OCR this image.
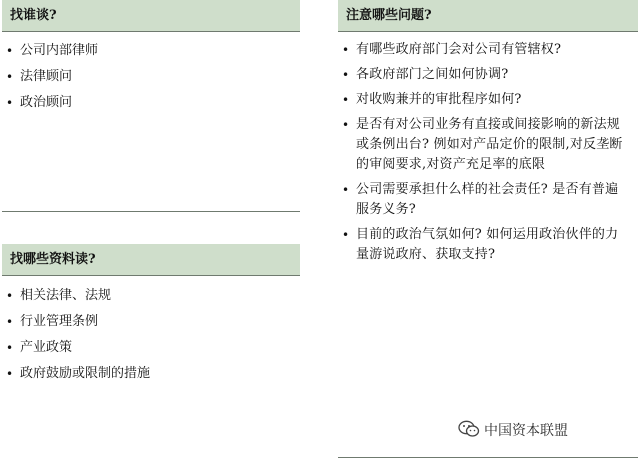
找谁谈?
• 公司内部律师
• 法律顾问
• 政治顾问
找哪些资料读?
• 相关法律、法规
• 行业管理条例
• 产业政策
• 政府鼓励或限制的措施
注意哪些问题?
• 有哪些政府部门会对公司有管辖权?
• 各政府部门之间如何协调?
• 对收购兼并的审批程序如何?
• 是否有对公司业务有直接或间接影响的新法规或条例出台? 例如对产品定价的限制,对反垄断的审阅要求,对资产充足率的底限
• 公司需要承担什么样的社会责任? 是否有普遍服务义务?
• 目前的政治气氛如何? 如何运用政治伙伴的力量游说政府、获取支持?
中国资本联盟
